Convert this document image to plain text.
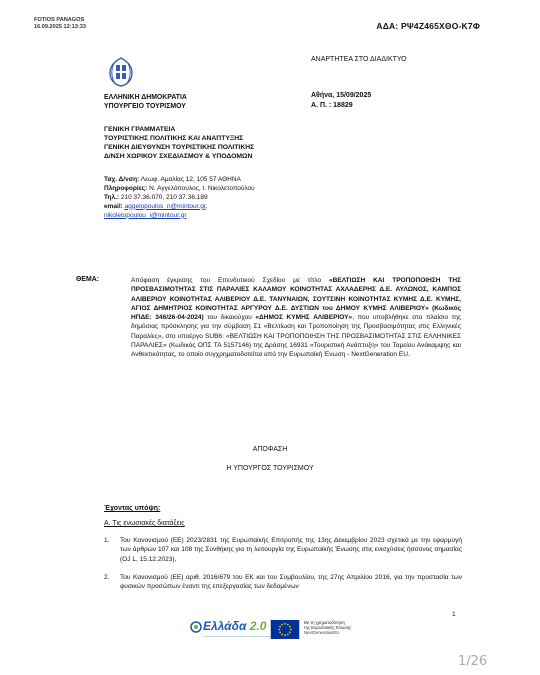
FOTIOS PANAGOS
16.09.2025 12:13:33	ΑΔΑ: ΡΨ4Ζ465ΧΘΟ-Κ7Φ
ΑΝΑΡΤΗΤΕΑ ΣΤΟ ΔΙΑΔΙΚΤΥΟ
ΕΛΛΗΝΙΚΗ ΔΗΜΟΚΡΑΤΙΑ
ΥΠΟΥΡΓΕΙΟ ΤΟΥΡΙΣΜΟΥ
Αθήνα, 15/09/2025
Α. Π. : 18829
ΓΕΝΙΚΗ ΓΡΑΜΜΑΤΕΙΑ
ΤΟΥΡΙΣΤΙΚΗΣ ΠΟΛΙΤΙΚΗΣ ΚΑΙ ΑΝΑΠΤΥΞΗΣ
ΓΕΝΙΚΗ ΔΙΕΥΘΥΝΣΗ ΤΟΥΡΙΣΤΙΚΗΣ ΠΟΛΙΤΙΚΗΣ
Δ/ΝΣΗ ΧΩΡΙΚΟΥ ΣΧΕΔΙΑΣΜΟΥ & ΥΠΟΔΟΜΩΝ
Ταχ. Δ/νση: Λεωφ. Αμαλίας 12, 105 57 ΑΘΗΝΑ
Πληροφορίες: Ν. Αγγελόπουλος, Ι. Νικολετοπούλου
Τηλ.: 210 37.36.070, 210 37.36.189
email: aggelopoulos_n@mintour.gr,
nikoletopoulou_i@mintour.gr
ΘΕΜΑ:	Απόφαση έγκρισης του Επενδυτικού Σχεδίου με τίτλο «ΒΕΛΤΙΩΣΗ ΚΑΙ ΤΡΟΠΟΠΟΙΗΣΗ ΤΗΣ ΠΡΟΣΒΑΣΙΜΟΤΗΤΑΣ ΣΤΙΣ ΠΑΡΑΛΙΕΣ ΚΑΛΑΜΟΥ ΚΟΙΝΟΤΗΤΑΣ ΑΧΛΑΔΕΡΗΣ Δ.Ε. ΑΥΛΩΝΟΣ, ΚΑΜΠΟΣ ΑΛΙΒΕΡΙΟΥ ΚΟΙΝΟΤΗΤΑΣ ΑΛΙΒΕΡΙΟΥ Δ.Ε. ΤΑΝΥΝΑΙΩΝ, ΣΟΥΤΣΙΝΗ ΚΟΙΝΟΤΗΤΑΣ ΚΥΜΗΣ Δ.Ε. ΚΥΜΗΣ, ΑΓΙΟΣ ΔΗΜΗΤΡΙΟΣ ΚΟΙΝΟΤΗΤΑΣ ΑΡΓΥΡΟΥ Δ.Ε. ΔΥΣΤΙΩΝ του ΔΗΜΟΥ ΚΥΜΗΣ ΑΛΙΒΕΡΙΟΥ» (Κωδικός ΗΠΔΕ: 346/26-04-2024) του δικαιούχου «ΔΗΜΟΣ ΚΥΜΗΣ ΑΛΙΒΕΡΙΟΥ», που υποβλήθηκε στο πλαίσιο της δημόσιας πρόσκλησης για την σύμβαση Σ1 «Βελτίωση και Τροποποίηση της Προσβασιμότητας στις Ελληνικές Παραλίες», στο υποέργο SUB6: «ΒΕΛΤΙΩΣΗ ΚΑΙ ΤΡΟΠΟΠΟΙΗΣΗ ΤΗΣ ΠΡΟΣΒΑΣΙΜΟΤΗΤΑΣ ΣΤΙΣ ΕΛΛΗΝΙΚΕΣ ΠΑΡΑΛΙΕΣ» (Κωδικός ΟΠΣ ΤΑ 5157146) της Δράσης 16931 «Τουριστική Ανάπτυξη» του Ταμείου Ανάκαμψης και Ανθεκτικότητας, το οποίο συγχρηματοδοτείται από την Ευρωπαϊκή Ένωση - NextGeneration EU.
ΑΠΟΦΑΣΗ
Η ΥΠΟΥΡΓΟΣ ΤΟΥΡΙΣΜΟΥ
Έχοντας υπόψη:
Α. Τις ενωσιακές διατάξεις
1. Του Κανονισμού (ΕΕ) 2023/2831 της Ευρωπαϊκής Επιτροπής της 13ης Δεκεμβρίου 2023 σχετικά με την εφαρμογή των άρθρων 107 και 108 της Συνθήκης για τη λειτουργία της Ευρωπαϊκής Ένωσης στις ενισχύσεις ήσσονος σημασίας (OJ L, 15.12.2023),
2. Του Κανονισμού (ΕΕ) αριθ. 2016/679 του ΕΚ και του Συμβουλίου, της 27ης Απριλίου 2016, για την προστασία των φυσικών προσώπων έναντι της επεξεργασίας των δεδομένων
1
Ελλάδα 2.0	Με τη χρηματοδότηση
της Ευρωπαϊκής Ένωσης
NextGenerationEU
1/26
